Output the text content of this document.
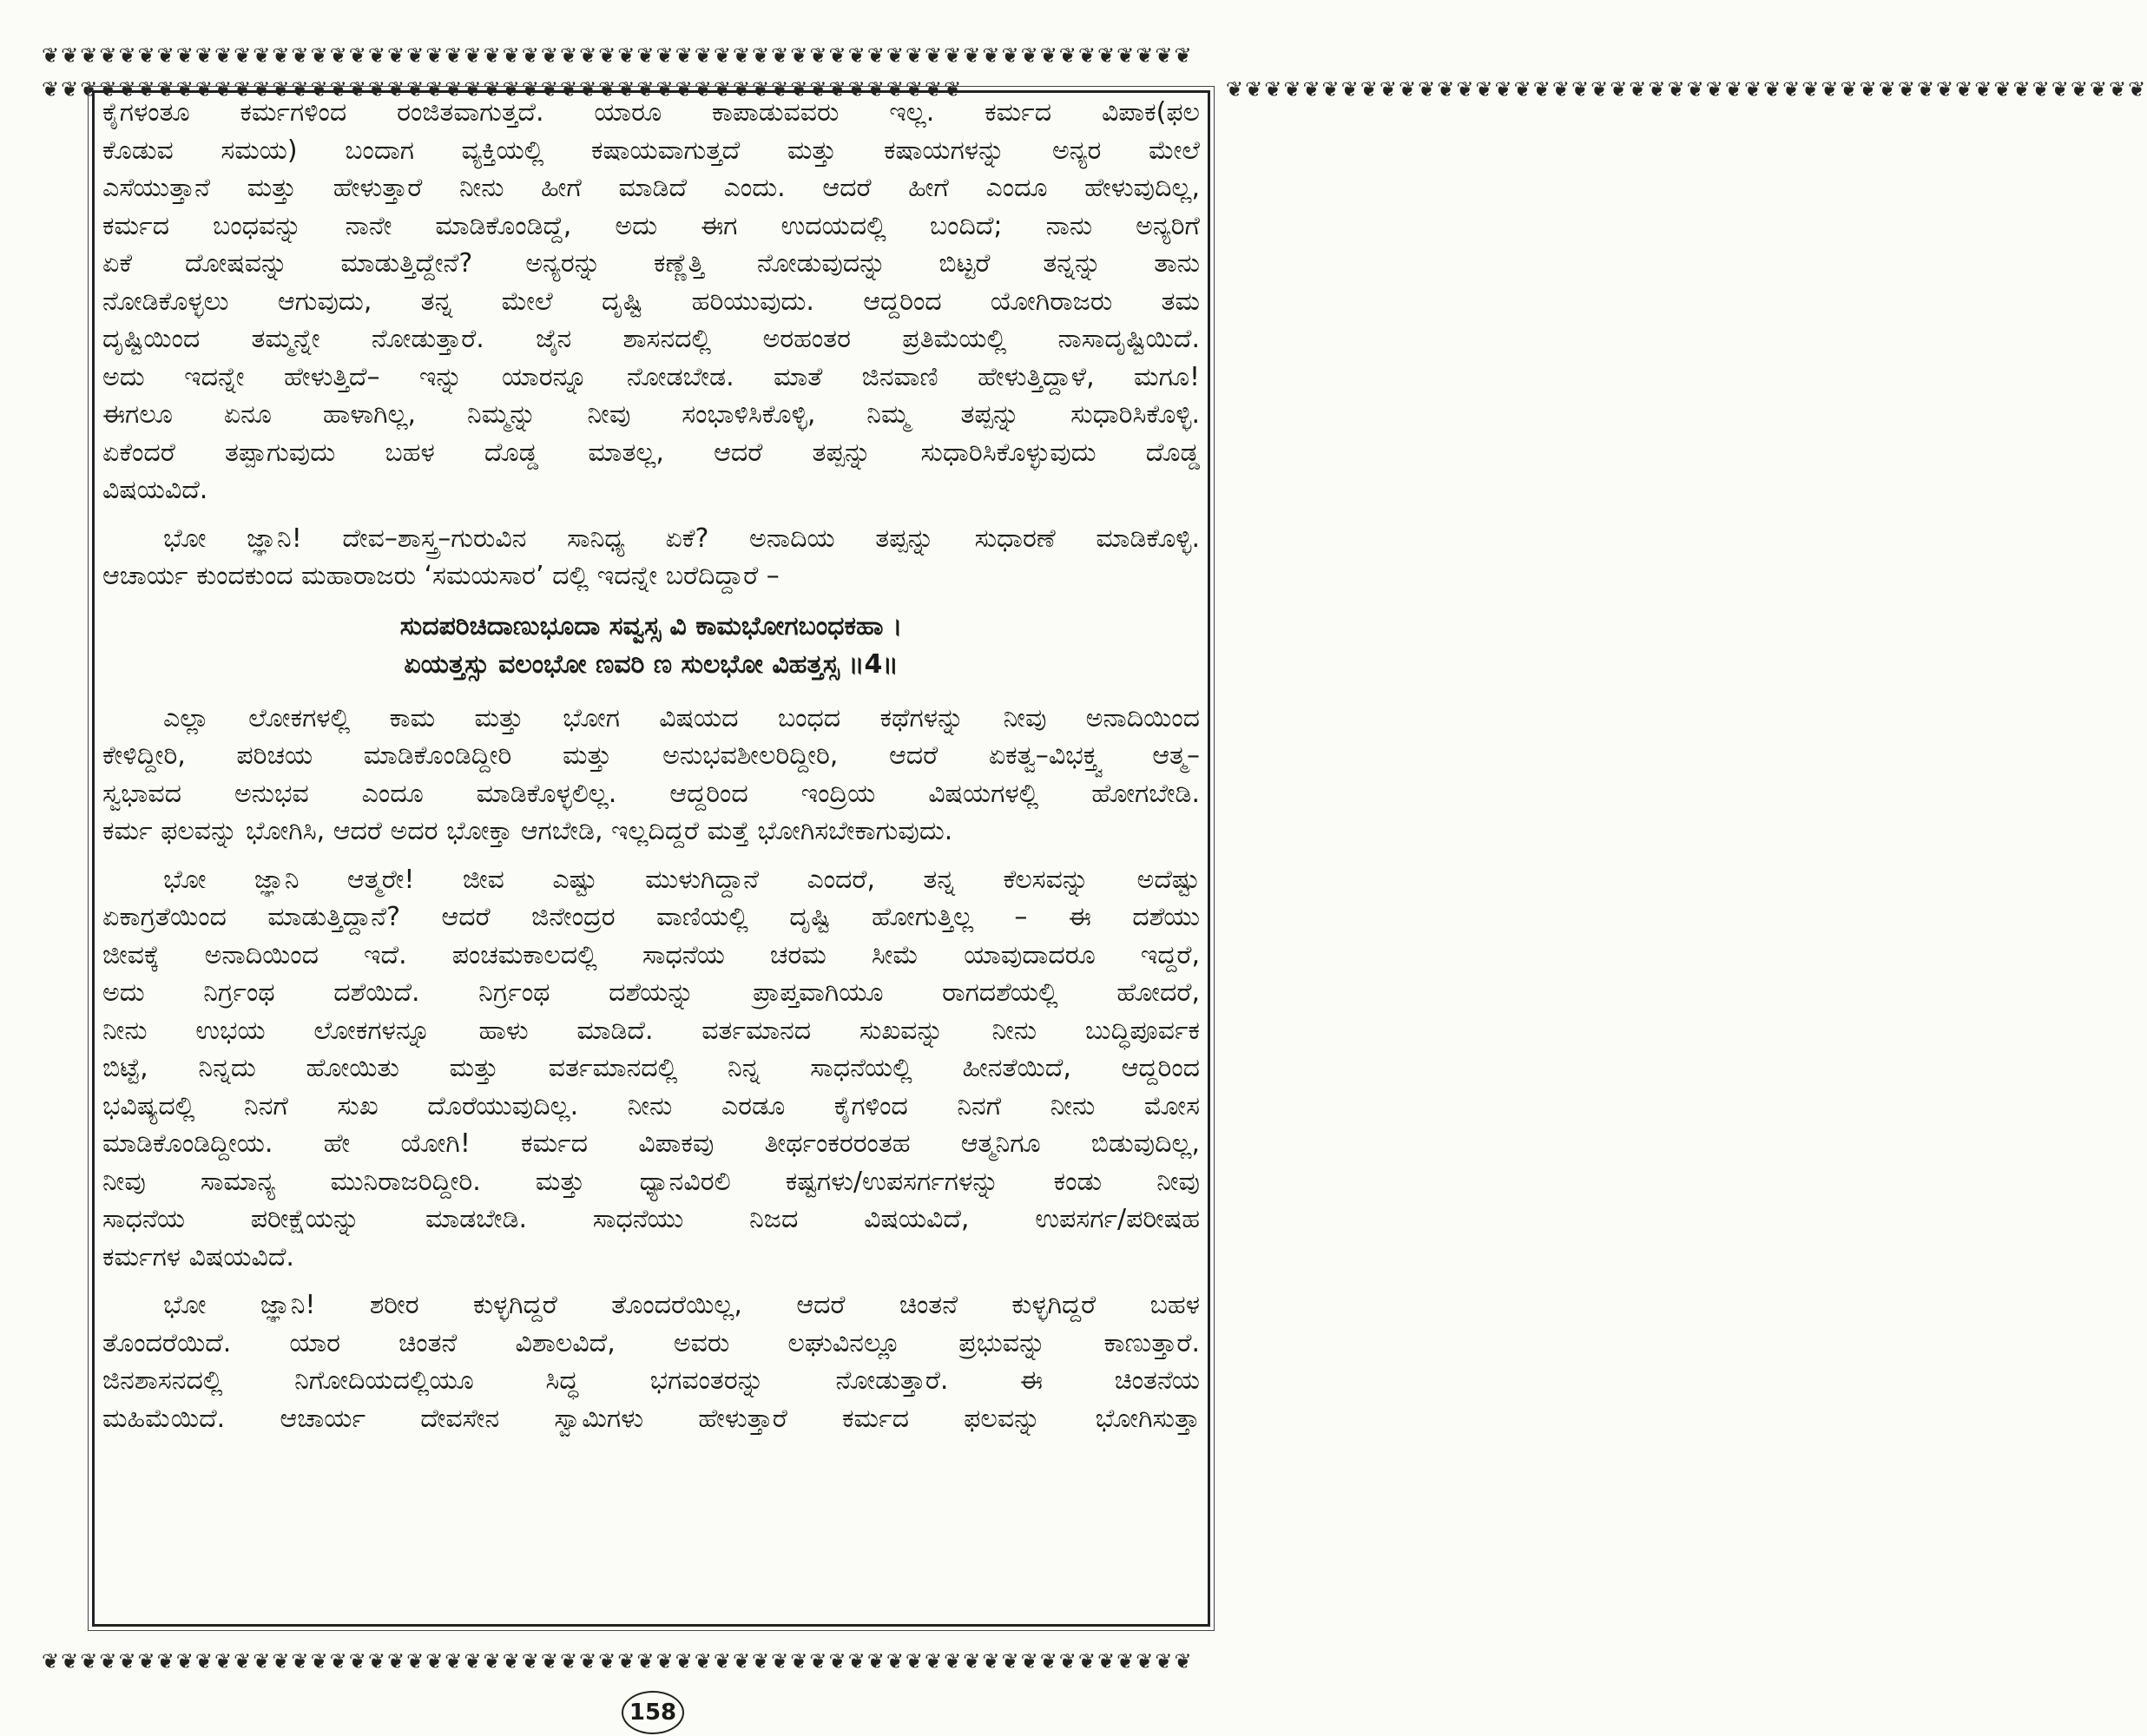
❦❦❦❦❦❦❦❦❦❦❦❦❦❦❦❦❦❦❦❦❦❦❦❦❦❦❦❦❦❦❦❦❦❦❦❦❦❦❦❦❦❦❦❦❦❦❦❦❦❦❦❦❦❦❦❦❦❦❦❦
❦❦❦❦❦❦❦❦❦❦❦❦❦❦❦❦❦❦❦❦❦❦❦❦❦❦❦❦❦❦❦❦❦❦❦❦❦❦❦❦❦❦❦❦❦❦❦❦❦❦❦❦❦❦❦❦❦❦❦❦
❦❦❦❦❦❦❦❦❦❦❦❦❦❦❦❦❦❦❦❦❦❦❦❦❦❦❦❦❦❦❦❦❦❦❦❦❦❦❦❦❦❦❦❦❦❦❦❦	❦❦❦❦❦❦❦❦❦❦❦❦❦❦❦❦❦❦❦❦❦❦❦❦❦❦❦❦❦❦❦❦❦❦❦❦❦❦❦❦❦❦❦❦❦❦❦❦
ಕೈಗಳಂತೂ ಕರ್ಮಗಳಿಂದ ರಂಜಿತವಾಗುತ್ತದೆ. ಯಾರೂ ಕಾಪಾಡುವವರು ಇಲ್ಲ. ಕರ್ಮದ ವಿಪಾಕ(ಫಲ
ಕೊಡುವ ಸಮಯ) ಬಂದಾಗ ವ್ಯಕ್ತಿಯಲ್ಲಿ ಕಷಾಯವಾಗುತ್ತದೆ ಮತ್ತು ಕಷಾಯಗಳನ್ನು ಅನ್ಯರ ಮೇಲೆ
ಎಸೆಯುತ್ತಾನೆ ಮತ್ತು ಹೇಳುತ್ತಾರೆ ನೀನು ಹೀಗೆ ಮಾಡಿದೆ ಎಂದು. ಆದರೆ ಹೀಗೆ ಎಂದೂ ಹೇಳುವುದಿಲ್ಲ,
ಕರ್ಮದ ಬಂಧವನ್ನು ನಾನೇ ಮಾಡಿಕೊಂಡಿದ್ದೆ, ಅದು ಈಗ ಉದಯದಲ್ಲಿ ಬಂದಿದೆ; ನಾನು ಅನ್ಯರಿಗೆ
ಏಕೆ ದೋಷವನ್ನು ಮಾಡುತ್ತಿದ್ದೇನೆ? ಅನ್ಯರನ್ನು ಕಣ್ಣೆತ್ತಿ ನೋಡುವುದನ್ನು ಬಿಟ್ಟರೆ ತನ್ನನ್ನು ತಾನು
ನೋಡಿಕೊಳ್ಳಲು ಆಗುವುದು, ತನ್ನ ಮೇಲೆ ದೃಷ್ಟಿ ಹರಿಯುವುದು. ಆದ್ದರಿಂದ ಯೋಗಿರಾಜರು ತಮ
ದೃಷ್ಟಿಯಿಂದ ತಮ್ಮನ್ನೇ ನೋಡುತ್ತಾರೆ. ಜೈನ ಶಾಸನದಲ್ಲಿ ಅರಹಂತರ ಪ್ರತಿಮೆಯಲ್ಲಿ ನಾಸಾದೃಷ್ಟಿಯಿದೆ.
ಅದು ಇದನ್ನೇ ಹೇಳುತ್ತಿದೆ– ಇನ್ನು ಯಾರನ್ನೂ ನೋಡಬೇಡ. ಮಾತೆ ಜಿನವಾಣಿ ಹೇಳುತ್ತಿದ್ದಾಳೆ, ಮಗೂ!
ಈಗಲೂ ಏನೂ ಹಾಳಾಗಿಲ್ಲ, ನಿಮ್ಮನ್ನು ನೀವು ಸಂಭಾಳಿಸಿಕೊಳ್ಳಿ, ನಿಮ್ಮ ತಪ್ಪನ್ನು ಸುಧಾರಿಸಿಕೊಳ್ಳಿ.
ಏಕೆಂದರೆ ತಪ್ಪಾಗುವುದು ಬಹಳ ದೊಡ್ಡ ಮಾತಲ್ಲ, ಆದರೆ ತಪ್ಪನ್ನು ಸುಧಾರಿಸಿಕೊಳ್ಳುವುದು ದೊಡ್ಡ
ವಿಷಯವಿದೆ.
ಭೋ ಜ್ಞಾನಿ! ದೇವ–ಶಾಸ್ತ್ರ–ಗುರುವಿನ ಸಾನಿಧ್ಯ ಏಕೆ? ಅನಾದಿಯ ತಪ್ಪನ್ನು ಸುಧಾರಣೆ ಮಾಡಿಕೊಳ್ಳಿ.
ಆಚಾರ್ಯ ಕುಂದಕುಂದ ಮಹಾರಾಜರು ‘ಸಮಯಸಾರ’ ದಲ್ಲಿ ಇದನ್ನೇ ಬರೆದಿದ್ದಾರೆ –
ಸುದಪರಿಚಿದಾಣುಭೂದಾ ಸವ್ವಸ್ಸ ವಿ ಕಾಮಭೋಗಬಂಧಕಹಾ ।
ಏಯತ್ತಸ್ಸು ವಲಂಭೋ ಣವರಿ ಣ ಸುಲಭೋ ವಿಹತ್ತಸ್ಸ ॥4॥
ಎಲ್ಲಾ ಲೋಕಗಳಲ್ಲಿ ಕಾಮ ಮತ್ತು ಭೋಗ ವಿಷಯದ ಬಂಧದ ಕಥೆಗಳನ್ನು ನೀವು ಅನಾದಿಯಿಂದ
ಕೇಳಿದ್ದೀರಿ, ಪರಿಚಯ ಮಾಡಿಕೊಂಡಿದ್ದೀರಿ ಮತ್ತು ಅನುಭವಶೀಲರಿದ್ದೀರಿ, ಆದರೆ ಏಕತ್ವ–ವಿಭಕ್ತ್ವ ಆತ್ಮ–
ಸ್ವಭಾವದ ಅನುಭವ ಎಂದೂ ಮಾಡಿಕೊಳ್ಳಲಿಲ್ಲ. ಆದ್ದರಿಂದ ಇಂದ್ರಿಯ ವಿಷಯಗಳಲ್ಲಿ ಹೋಗಬೇಡಿ.
ಕರ್ಮ ಫಲವನ್ನು ಭೋಗಿಸಿ, ಆದರೆ ಅದರ ಭೋಕ್ತಾ ಆಗಬೇಡಿ, ಇಲ್ಲದಿದ್ದರೆ ಮತ್ತೆ ಭೋಗಿಸಬೇಕಾಗುವುದು.
ಭೋ ಜ್ಞಾನಿ ಆತ್ಮರೇ! ಜೀವ ಎಷ್ಟು ಮುಳುಗಿದ್ದಾನೆ ಎಂದರೆ, ತನ್ನ ಕೆಲಸವನ್ನು ಅದೆಷ್ಟು
ಏಕಾಗ್ರತೆಯಿಂದ ಮಾಡುತ್ತಿದ್ದಾನೆ? ಆದರೆ ಜಿನೇಂದ್ರರ ವಾಣಿಯಲ್ಲಿ ದೃಷ್ಟಿ ಹೋಗುತ್ತಿಲ್ಲ – ಈ ದಶೆಯು
ಜೀವಕ್ಕೆ ಅನಾದಿಯಿಂದ ಇದೆ. ಪಂಚಮಕಾಲದಲ್ಲಿ ಸಾಧನೆಯ ಚರಮ ಸೀಮೆ ಯಾವುದಾದರೂ ಇದ್ದರೆ,
ಅದು ನಿರ್ಗ್ರಂಥ ದಶೆಯಿದೆ. ನಿರ್ಗ್ರಂಥ ದಶೆಯನ್ನು ಪ್ರಾಪ್ತವಾಗಿಯೂ ರಾಗದಶೆಯಲ್ಲಿ ಹೋದರೆ,
ನೀನು ಉಭಯ ಲೋಕಗಳನ್ನೂ ಹಾಳು ಮಾಡಿದೆ. ವರ್ತಮಾನದ ಸುಖವನ್ನು ನೀನು ಬುದ್ಧಿಪೂರ್ವಕ
ಬಿಟ್ಟೆ, ನಿನ್ನದು ಹೋಯಿತು ಮತ್ತು ವರ್ತಮಾನದಲ್ಲಿ ನಿನ್ನ ಸಾಧನೆಯಲ್ಲಿ ಹೀನತೆಯಿದೆ, ಆದ್ದರಿಂದ
ಭವಿಷ್ಯದಲ್ಲಿ ನಿನಗೆ ಸುಖ ದೊರೆಯುವುದಿಲ್ಲ. ನೀನು ಎರಡೂ ಕೈಗಳಿಂದ ನಿನಗೆ ನೀನು ಮೋಸ
ಮಾಡಿಕೊಂಡಿದ್ದೀಯ. ಹೇ ಯೋಗಿ! ಕರ್ಮದ ವಿಪಾಕವು ತೀರ್ಥಂಕರರಂತಹ ಆತ್ಮನಿಗೂ ಬಿಡುವುದಿಲ್ಲ,
ನೀವು ಸಾಮಾನ್ಯ ಮುನಿರಾಜರಿದ್ದೀರಿ. ಮತ್ತು ಧ್ಯಾನವಿರಲಿ ಕಷ್ಟಗಳು/ಉಪಸರ್ಗಗಳನ್ನು ಕಂಡು ನೀವು
ಸಾಧನೆಯ ಪರೀಕ್ಷೆಯನ್ನು ಮಾಡಬೇಡಿ. ಸಾಧನೆಯು ನಿಜದ ವಿಷಯವಿದೆ, ಉಪಸರ್ಗ/ಪರೀಷಹ
ಕರ್ಮಗಳ ವಿಷಯವಿದೆ.
ಭೋ ಜ್ಞಾನಿ! ಶರೀರ ಕುಳ್ಳಗಿದ್ದರೆ ತೊಂದರೆಯಿಲ್ಲ, ಆದರೆ ಚಿಂತನೆ ಕುಳ್ಳಗಿದ್ದರೆ ಬಹಳ
ತೊಂದರೆಯಿದೆ. ಯಾರ ಚಿಂತನೆ ವಿಶಾಲವಿದೆ, ಅವರು ಲಘುವಿನಲ್ಲೂ ಪ್ರಭುವನ್ನು ಕಾಣುತ್ತಾರೆ.
ಜಿನಶಾಸನದಲ್ಲಿ ನಿಗೋದಿಯದಲ್ಲಿಯೂ ಸಿದ್ಧ ಭಗವಂತರನ್ನು ನೋಡುತ್ತಾರೆ. ಈ ಚಿಂತನೆಯ
ಮಹಿಮೆಯಿದೆ. ಆಚಾರ್ಯ ದೇವಸೇನ ಸ್ವಾಮಿಗಳು ಹೇಳುತ್ತಾರೆ ಕರ್ಮದ ಫಲವನ್ನು ಭೋಗಿಸುತ್ತಾ
158
